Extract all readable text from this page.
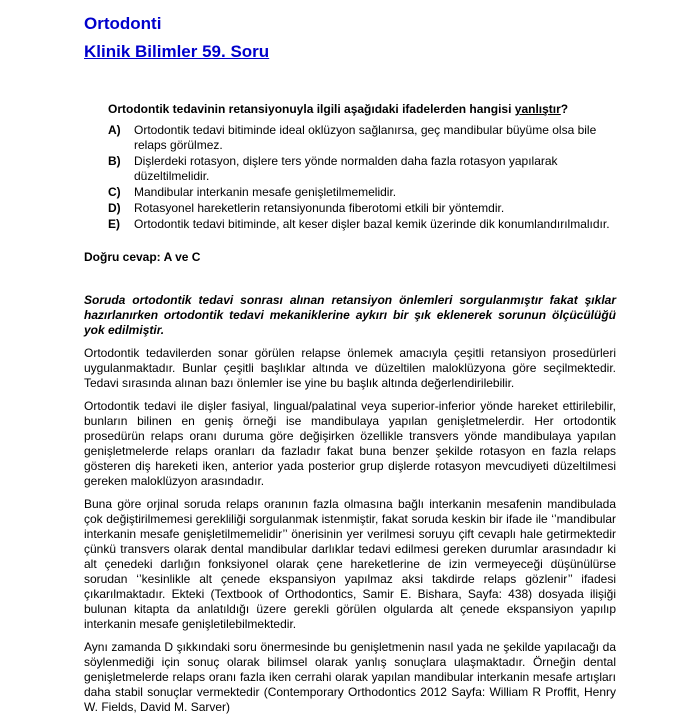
Ortodonti
Klinik Bilimler 59. Soru

Ortodontik tedavinin retansiyonuyla ilgili aşağıdaki ifadelerden hangisi yanlıştır?

A)	Ortodontik tedavi bitiminde ideal oklüzyon sağlanırsa, geç mandibular büyüme olsa bile relaps görülmez.
B)	Dişlerdeki rotasyon, dişlere ters yönde normalden daha fazla rotasyon yapılarak düzeltilmelidir.
C)	Mandibular interkanin mesafe genişletilmemelidir.
D)	Rotasyonel hareketlerin retansiyonunda fiberotomi etkili bir yöntemdir.
E)	Ortodontik tedavi bitiminde, alt keser dişler bazal kemik üzerinde dik konumlandırılmalıdır.

Doğru cevap: A ve C

Soruda ortodontik tedavi sonrası alınan retansiyon önlemleri sorgulanmıştır fakat şıklar hazırlanırken ortodontik tedavi mekaniklerine aykırı bir şık eklenerek sorunun ölçücülüğü yok edilmiştir.

Ortodontik tedavilerden sonar görülen relapse önlemek amacıyla çeşitli retansiyon prosedürleri uygulanmaktadır. Bunlar çeşitli başlıklar altında ve düzeltilen maloklüzyona göre seçilmektedir. Tedavi sırasında alınan bazı önlemler ise yine bu başlık altında değerlendirilebilir.

Ortodontik tedavi ile dişler fasiyal, lingual/palatinal veya superior-inferior yönde hareket ettirilebilir, bunların bilinen en geniş örneği ise mandibulaya yapılan genişletmelerdir. Her ortodontik prosedürün relaps oranı duruma göre değişirken özellikle transvers yönde mandibulaya yapılan genişletmelerde relaps oranları da fazladır fakat buna benzer şekilde rotasyon en fazla relaps gösteren diş hareketi iken, anterior yada posterior grup dişlerde rotasyon mevcudiyeti düzeltilmesi gereken maloklüzyon arasındadır.

Buna göre orjinal soruda relaps oranının fazla olmasına bağlı interkanin mesafenin mandibulada çok değiştirilmemesi gerekliliği sorgulanmak istenmiştir, fakat soruda keskin bir ifade ile ‘’mandibular interkanin mesafe genişletilmemelidir’’ önerisinin yer verilmesi soruyu çift cevaplı hale getirmektedir çünkü transvers olarak dental mandibular darlıklar tedavi edilmesi gereken durumlar arasındadır ki alt çenedeki darlığın fonksiyonel olarak çene hareketlerine de izin vermeyeceği düşünülürse sorudan ‘’kesinlikle alt çenede ekspansiyon yapılmaz aksi takdirde relaps gözlenir’’ ifadesi çıkarılmaktadır. Ekteki (Textbook of Orthodontics, Samir E. Bishara, Sayfa: 438) dosyada ilişiği bulunan kitapta da anlatıldığı üzere gerekli görülen olgularda alt çenede ekspansiyon yapılıp interkanin mesafe genişletilebilmektedir.

Aynı zamanda D şıkkındaki soru önermesinde bu genişletmenin nasıl yada ne şekilde yapılacağı da söylenmediği için sonuç olarak bilimsel olarak yanlış sonuçlara ulaşmaktadır. Örneğin dental genişletmelerde relaps oranı fazla iken cerrahi olarak yapılan mandibular interkanin mesafe artışları daha stabil sonuçlar vermektedir (Contemporary Orthodontics 2012 Sayfa: William R Proffit, Henry W. Fields, David M. Sarver)
